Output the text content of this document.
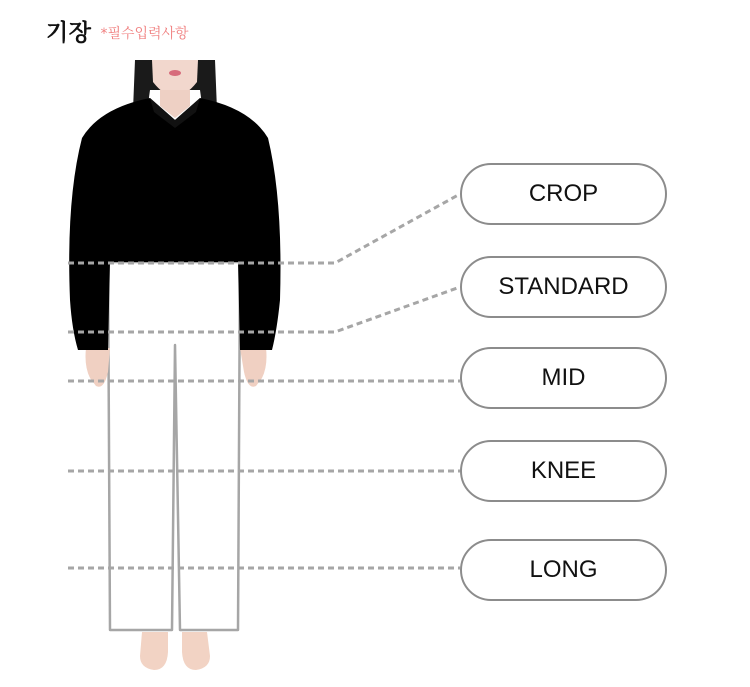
기장 *필수입력사항
CROP
STANDARD
MID
KNEE
LONG
